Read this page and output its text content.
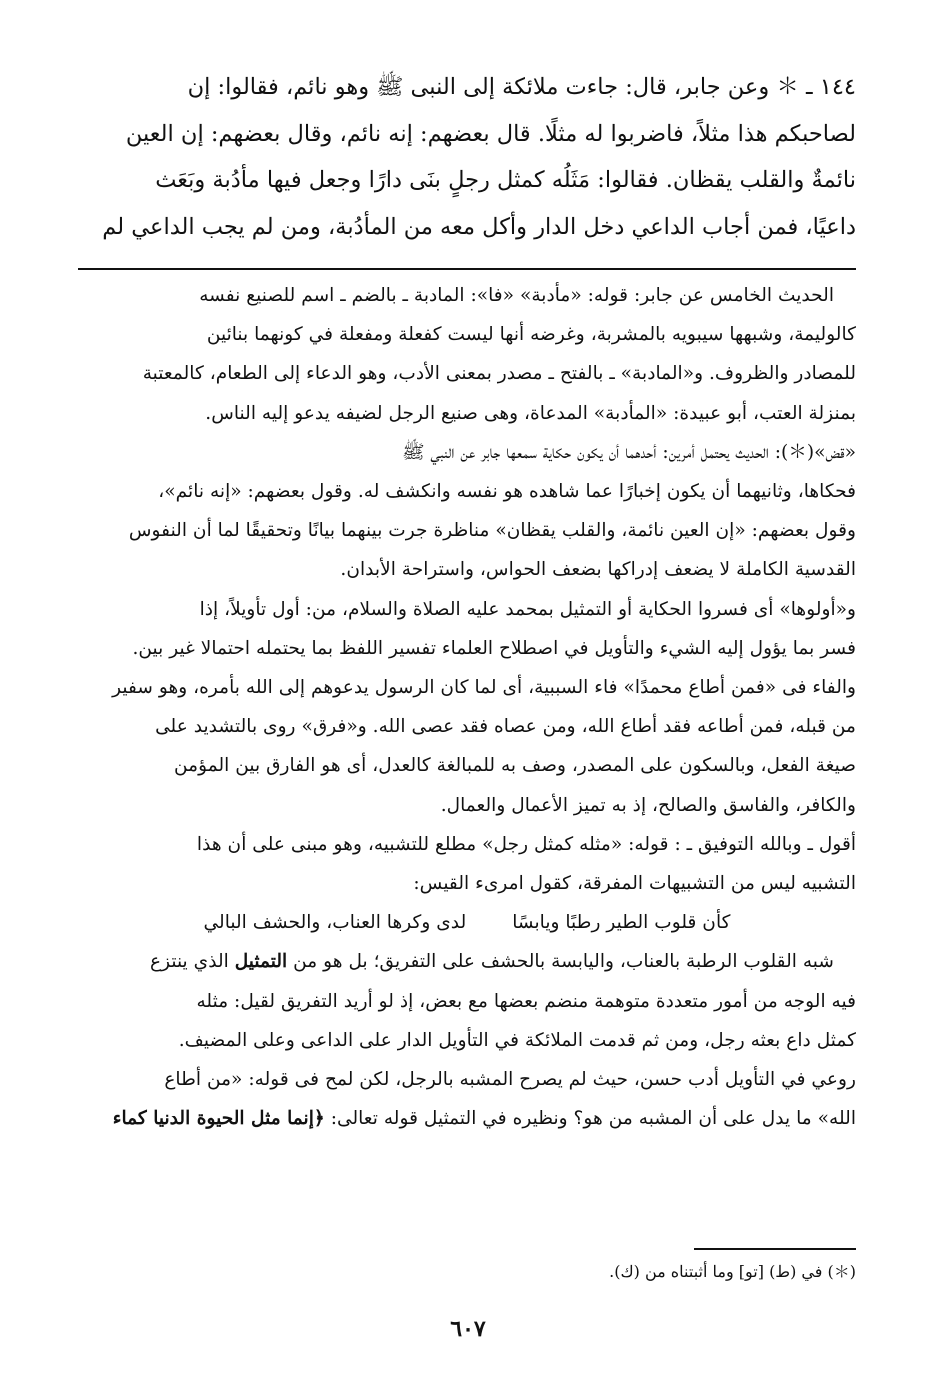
١٤٤ ـ ＊ وعن جابر، قال: جاءت ملائكة إلى النبى ﷺ وهو نائم، فقالوا: إن

لصاحبكم هذا مثلاً، فاضربوا له مثلًا. قال بعضهم: إنه نائم، وقال بعضهم: إن العين

نائمةٌ والقلب يقظان. فقالوا: مَثَلُه كمثل رجلٍ بنَى دارًا وجعل فيها مأدُبة وبَعَث

داعيًا، فمن أجاب الداعي دخل الدار وأكل معه من المأدُبة، ومن لم يجب الداعي لم

الحديث الخامس عن جابر: قوله: «مأدبة» «فا»: المادبة ـ بالضم ـ اسم للصنيع نفسه

كالوليمة، وشبهها سيبويه بالمشربة، وغرضه أنها ليست كفعلة ومفعلة في كونهما بنائين

للمصادر والظروف. و«المادبة» ـ بالفتح ـ مصدر بمعنى الأدب، وهو الدعاء إلى الطعام، كالمعتبة

بمنزلة العتب، أبو عبيدة: «المأدبة» المدعاة، وهى صنيع الرجل لضيفه يدعو إليه الناس.

«قض»(＊): الحديث يحتمل أمرين: أحدهما أن يكون حكاية سمعها جابر عن النبي ﷺ

فحكاها، وثانيهما أن يكون إخبارًا عما شاهده هو نفسه وانكشف له. وقول بعضهم: «إنه نائم»،

وقول بعضهم: «إن العين نائمة، والقلب يقظان» مناظرة جرت بينهما بيانًا وتحقيقًا لما أن النفوس

القدسية الكاملة لا يضعف إدراكها بضعف الحواس، واستراحة الأبدان.

و«أولوها» أى فسروا الحكاية أو التمثيل بمحمد عليه الصلاة والسلام، من: أول تأويلاً، إذا

فسر بما يؤول إليه الشيء والتأويل في اصطلاح العلماء تفسير اللفظ بما يحتمله احتمالا غير بين.

والفاء فى «فمن أطاع محمدًا» فاء السببية، أى لما كان الرسول يدعوهم إلى الله بأمره، وهو سفير

من قبله، فمن أطاعه فقد أطاع الله، ومن عصاه فقد عصى الله. و«فرق» روى بالتشديد على

صيغة الفعل، وبالسكون على المصدر، وصف به للمبالغة كالعدل، أى هو الفارق بين المؤمن

والكافر، والفاسق والصالح، إذ به تميز الأعمال والعمال.

أقول ـ وبالله التوفيق ـ : قوله: «مثله كمثل رجل» مطلع للتشبيه، وهو مبنى على أن هذا

التشبيه ليس من التشبيهات المفرقة، كقول امرىء القيس:

كأن قلوب الطير رطبًا ويابسًا
لدى وكرها العناب، والحشف البالي

شبه القلوب الرطبة بالعناب، واليابسة بالحشف على التفريق؛ بل هو من التمثيل الذي ينتزع

فيه الوجه من أمور متعددة متوهمة منضم بعضها مع بعض، إذ لو أريد التفريق لقيل: مثله

كمثل داع بعثه رجل، ومن ثم قدمت الملائكة في التأويل الدار على الداعى وعلى المضيف.

روعي في التأويل أدب حسن، حيث لم يصرح المشبه بالرجل، لكن لمح فى قوله: «من أطاع

الله» ما يدل على أن المشبه من هو؟ ونظيره في التمثيل قوله تعالى: ﴿إنما مثل الحيوة الدنيا كماء

(＊) في (ط) [تو] وما أثبتناه من (ك).

٦٠٧
